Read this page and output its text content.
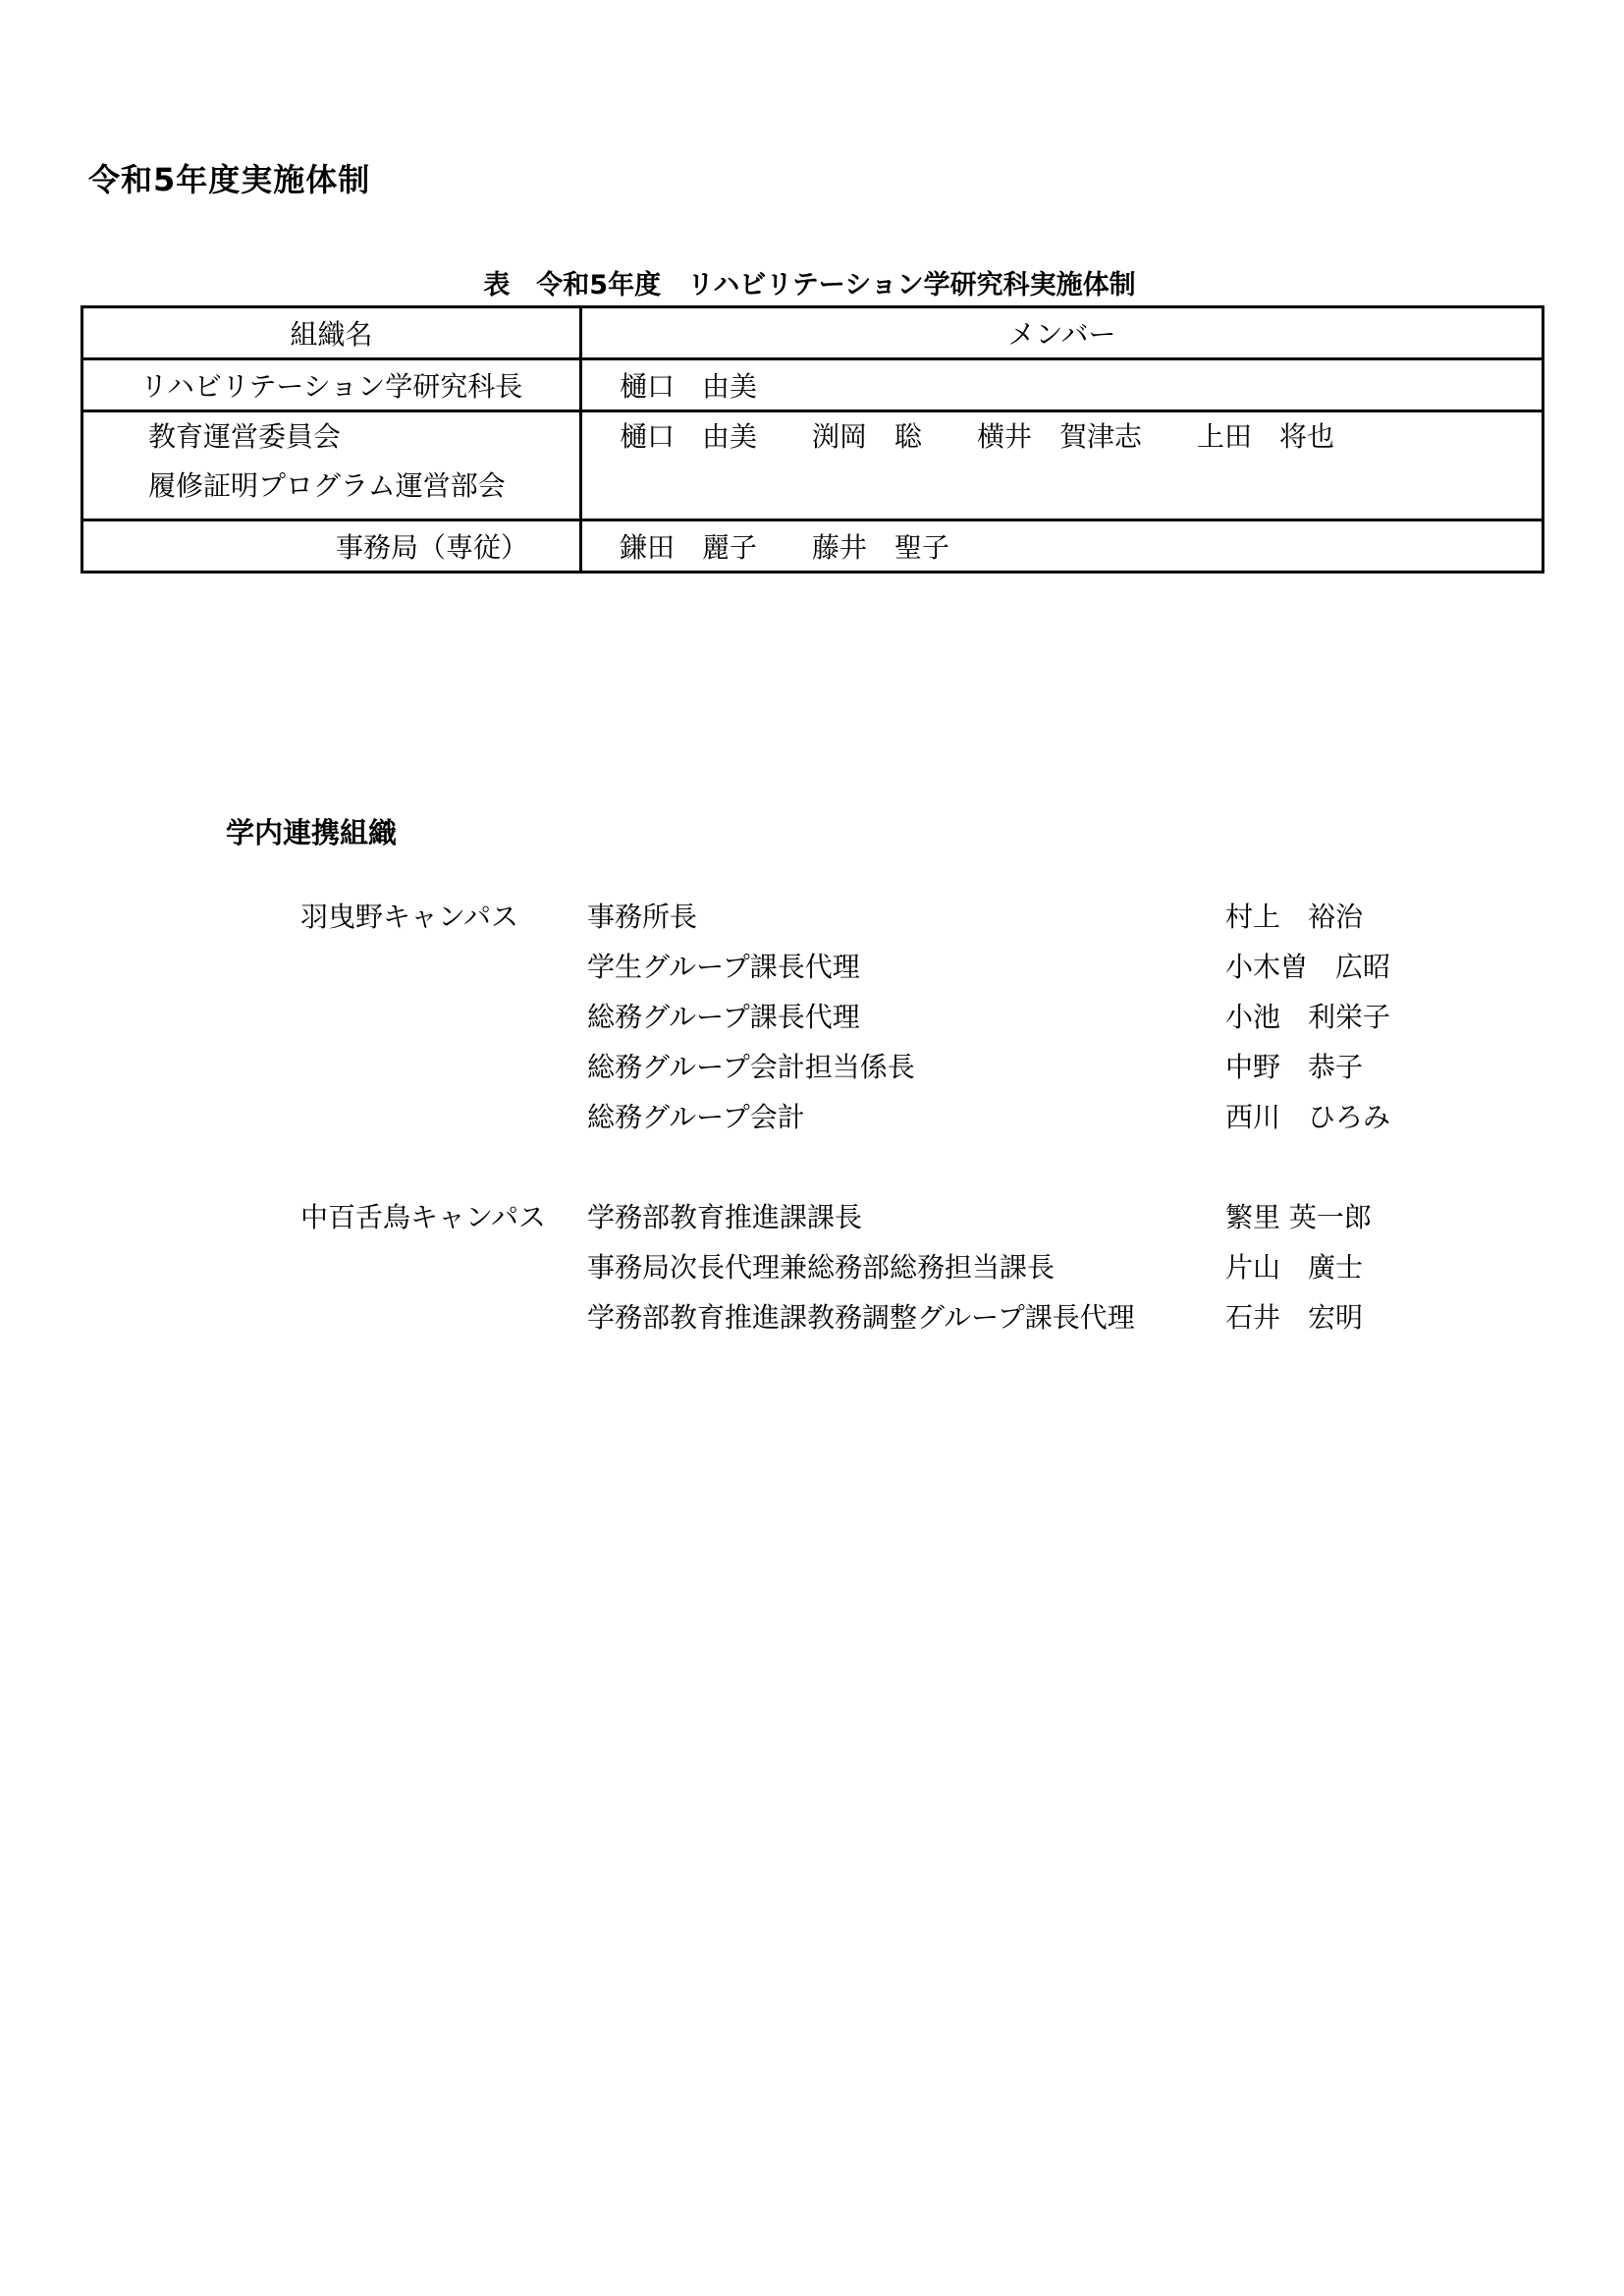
令和5年度実施体制
表　令和5年度　リハビリテーション学研究科実施体制
組織名	メンバー
リハビリテーション学研究科長	樋口　由美

教育運営委員会
履修証明プログラム運営部会	樋口　由美　　渕岡　聡　　横井　賀津志　　上田　将也
事務局（専従）	鎌田　麗子　　藤井　聖子
学内連携組織
羽曳野キャンパス 事務所長	村上　裕治
学生グループ課長代理	小木曽　広昭
総務グループ課長代理	小池　利栄子
総務グループ会計担当係長	中野　恭子
総務グループ会計	西川　ひろみ
中百舌鳥キャンパス 学務部教育推進課課長	繁里 英一郎
事務局次長代理兼総務部総務担当課長	片山　廣士
学務部教育推進課教務調整グループ課長代理	石井　宏明
